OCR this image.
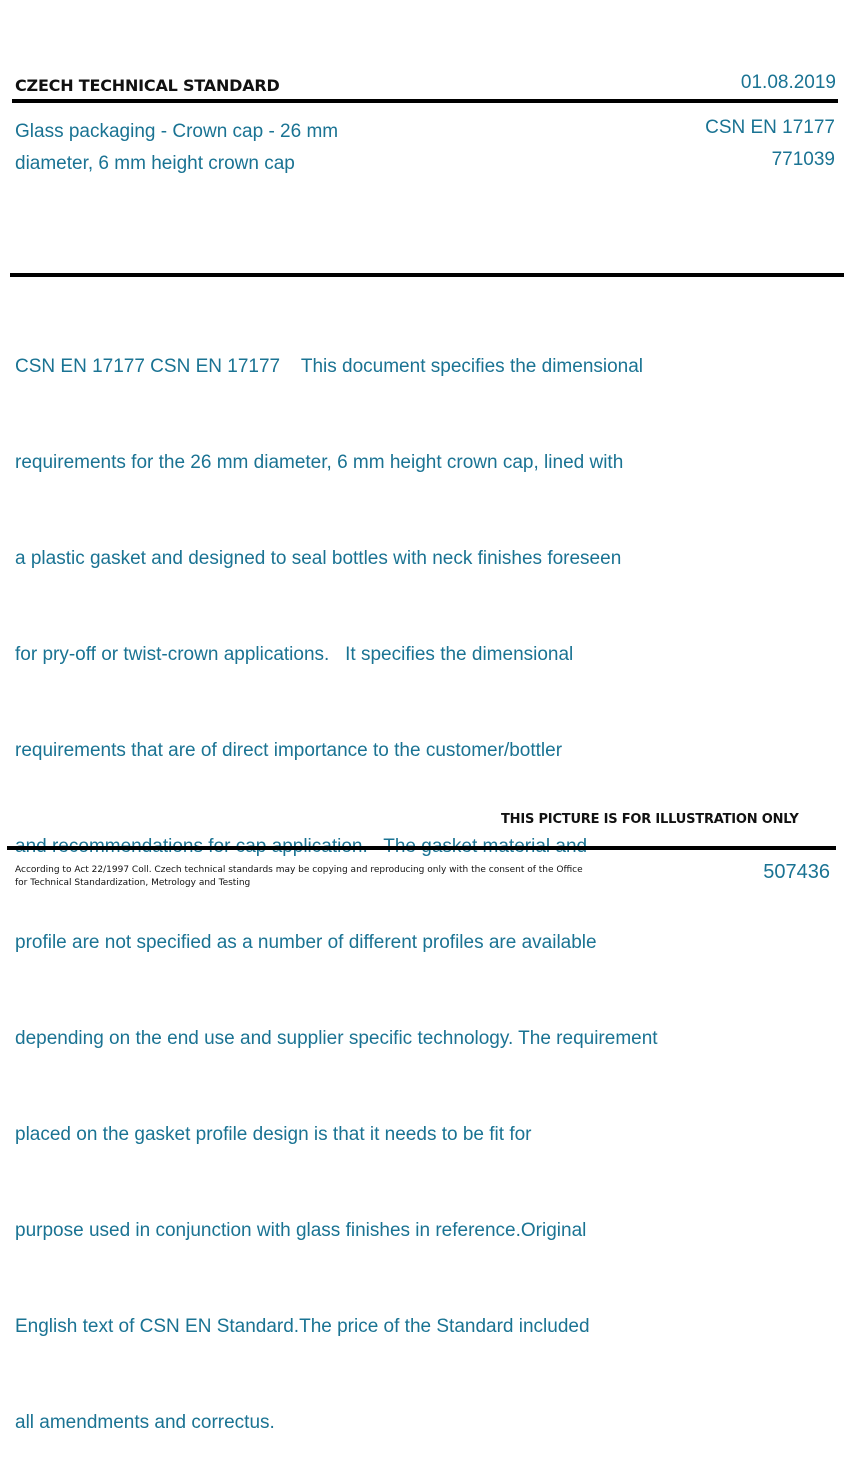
CZECH TECHNICAL STANDARD	01.08.2019
Glass packaging - Crown cap - 26 mm
diameter, 6 mm height crown cap
CSN EN 17177
771039

CSN EN 17177 CSN EN 17177    This document specifies the dimensional

requirements for the 26 mm diameter, 6 mm height crown cap, lined with

a plastic gasket and designed to seal bottles with neck finishes foreseen

for pry-off or twist-crown applications.   It specifies the dimensional

requirements that are of direct importance to the customer/bottler

profile are not specified as a number of different profiles are available

depending on the end use and supplier specific technology. The requirement

placed on the gasket profile design is that it needs to be fit for

purpose used in conjunction with glass finishes in reference.Original

English text of CSN EN Standard.The price of the Standard included

all amendments and correctus.

THIS PICTURE IS FOR ILLUSTRATION ONLY
According to Act 22/1997 Coll. Czech technical standards may be copying and reproducing only with the consent of the Office
for Technical Standardization, Metrology and Testing	507436
